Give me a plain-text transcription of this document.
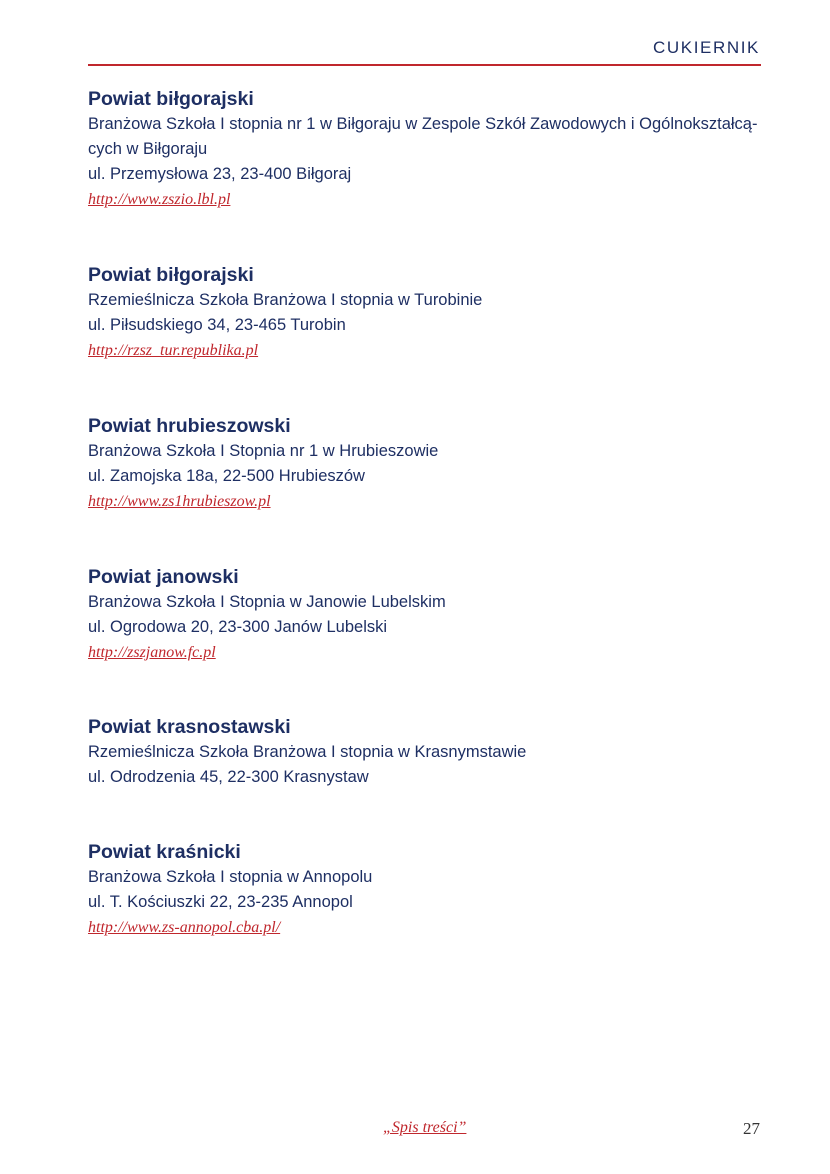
CUKIERNIK
Powiat biłgorajski
Branżowa Szkoła I stopnia nr 1 w Biłgoraju w Zespole Szkół Zawodowych i Ogólnokształcą-
cych w Biłgoraju
ul. Przemysłowa 23, 23-400 Biłgoraj
http://www.zszio.lbl.pl
Powiat biłgorajski
Rzemieślnicza Szkoła Branżowa I stopnia w Turobinie
ul. Piłsudskiego 34, 23-465 Turobin
http://rzsz_tur.republika.pl
Powiat hrubieszowski
Branżowa Szkoła I Stopnia nr 1 w Hrubieszowie
ul. Zamojska 18a, 22-500 Hrubieszów
http://www.zs1hrubieszow.pl
Powiat janowski
Branżowa Szkoła I Stopnia w Janowie Lubelskim
ul. Ogrodowa 20, 23-300 Janów Lubelski
http://zszjanow.fc.pl
Powiat krasnostawski
Rzemieślnicza Szkoła Branżowa I stopnia w Krasnymstawie
ul. Odrodzenia 45, 22-300 Krasnystaw
Powiat kraśnicki
Branżowa Szkoła I stopnia w Annopolu
ul. T. Kościuszki 22, 23-235 Annopol
http://www.zs-annopol.cba.pl/
„Spis treści”	27
